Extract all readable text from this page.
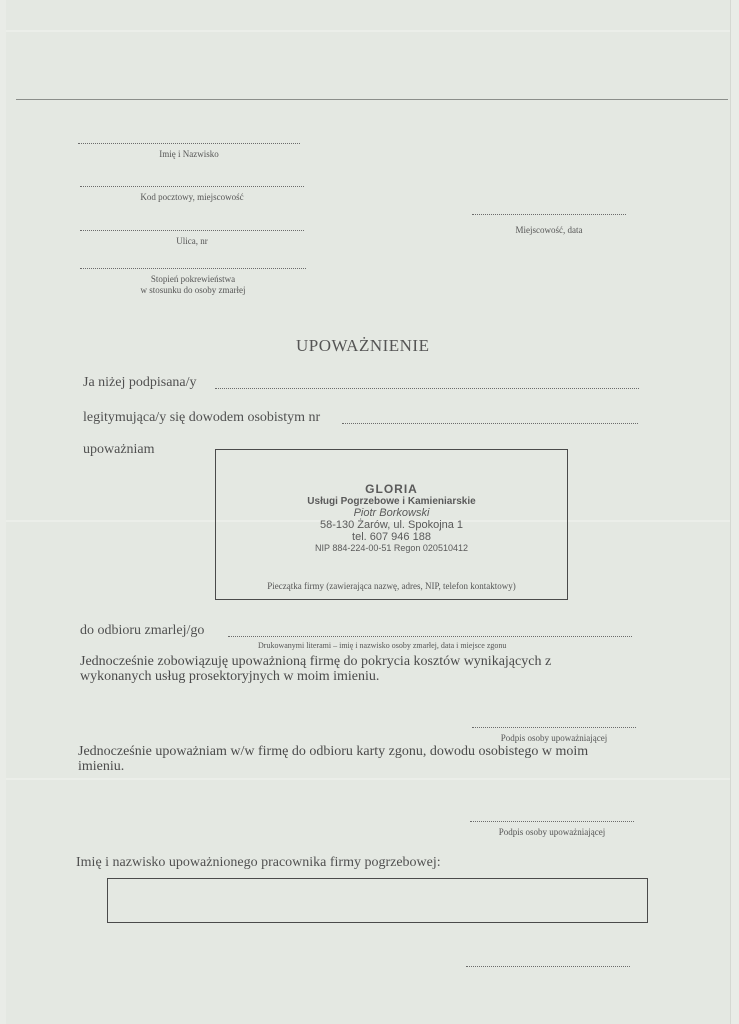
Imię i Nazwisko
Kod pocztowy, miejscowość
Ulica, nr
Stopień pokrewieństwa
w stosunku do osoby zmarłej
Miejscowość, data
UPOWAŻNIENIE
Ja niżej podpisana/y
legitymująca/y się dowodem osobistym nr
upoważniam
GLORIA
Usługi Pogrzebowe i Kamieniarskie
Piotr Borkowski
58-130 Żarów, ul. Spokojna 1
tel. 607 946 188
NIP 884-224-00-51 Regon 020510412
Pieczątka firmy (zawierająca nazwę, adres, NIP, telefon kontaktowy)
do odbioru zmarlej/go
Drukowanymi literami – imię i nazwisko osoby zmarłej, data i miejsce zgonu
Jednocześnie zobowiązuję upoważnioną firmę do pokrycia kosztów wynikających z wykonanych usług prosektoryjnych w moim imieniu.
Podpis osoby upoważniającej
Jednocześnie upoważniam w/w firmę do odbioru karty zgonu, dowodu osobistego w moim imieniu.
Podpis osoby upoważniającej
Imię i nazwisko upoważnionego pracownika firmy pogrzebowej:
